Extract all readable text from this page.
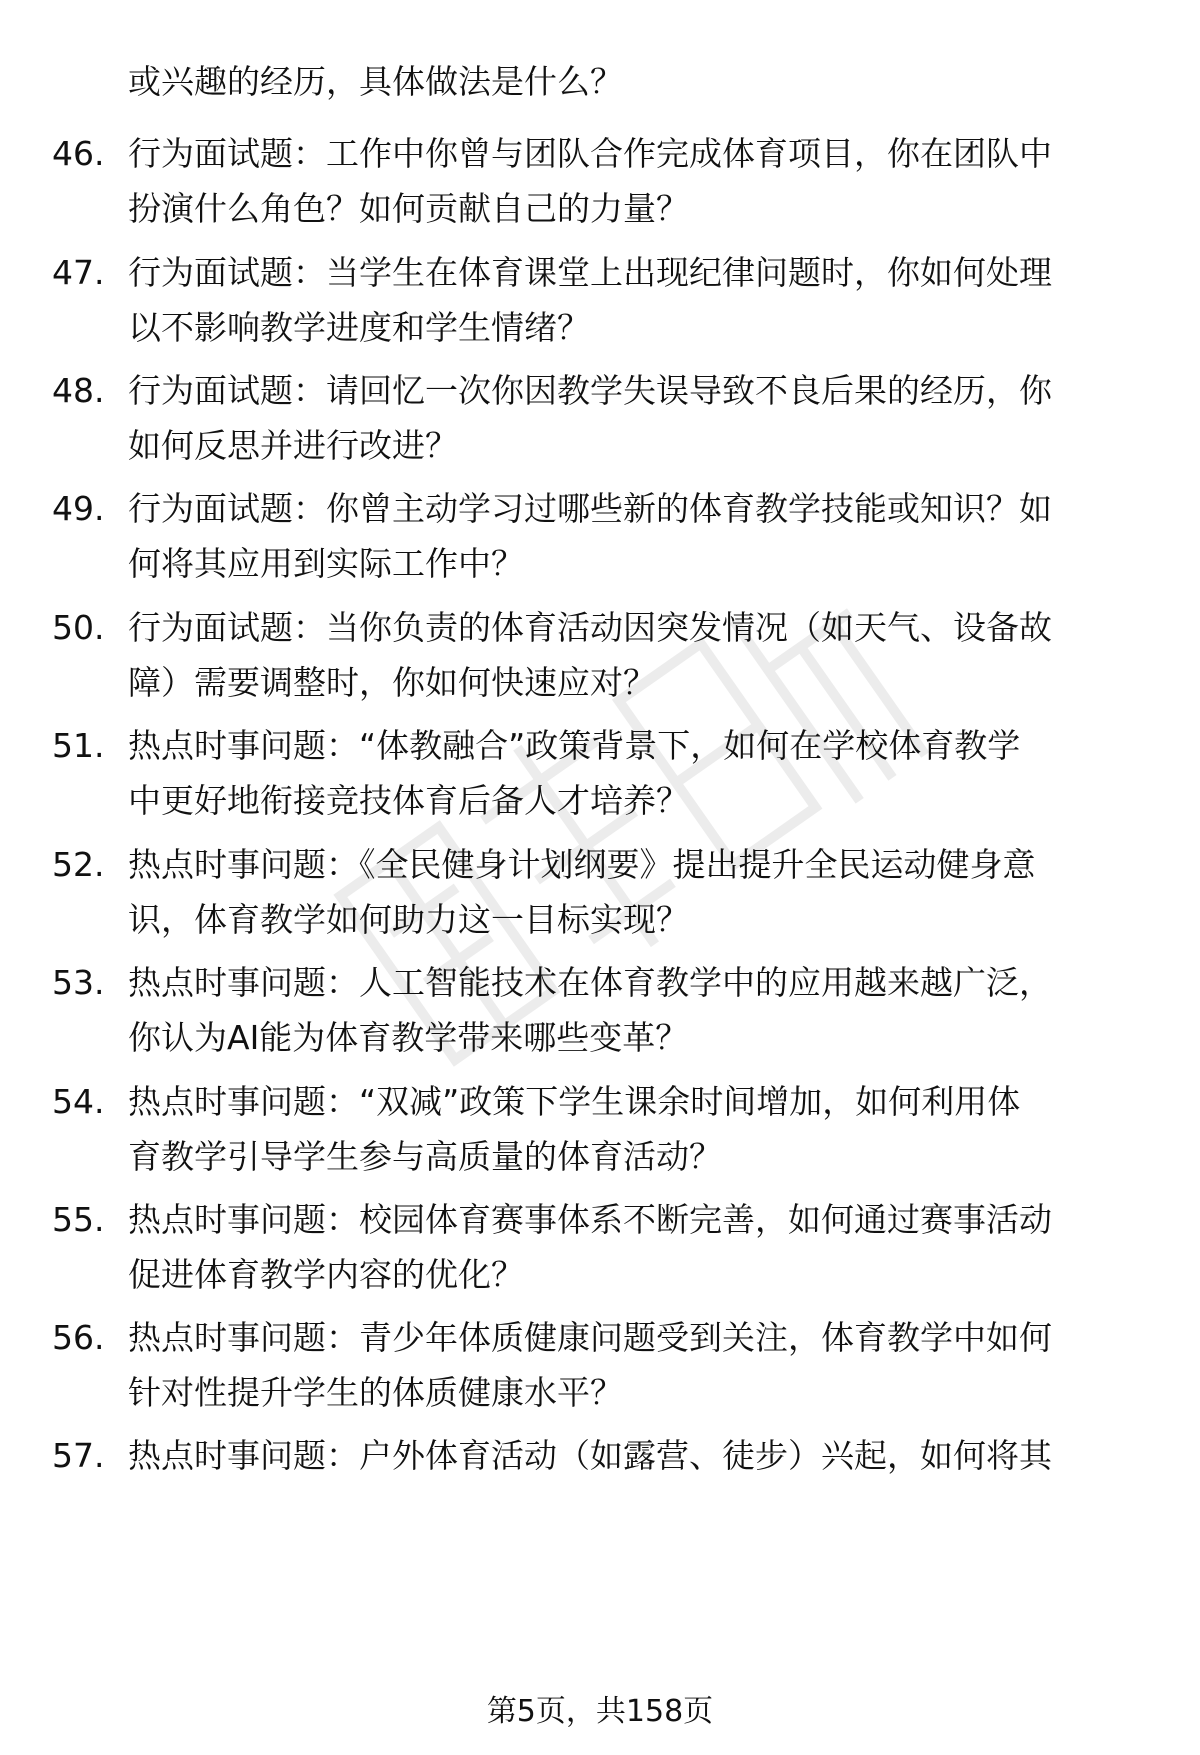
或兴趣的经历，具体做法是什么？
46. 行为面试题：工作中你曾与团队合作完成体育项目，你在团队中
扮演什么角色？如何贡献自己的力量？
47. 行为面试题：当学生在体育课堂上出现纪律问题时，你如何处理
以不影响教学进度和学生情绪？
48. 行为面试题：请回忆一次你因教学失误导致不良后果的经历，你
如何反思并进行改进？
49. 行为面试题：你曾主动学习过哪些新的体育教学技能或知识？如
何将其应用到实际工作中？
50. 行为面试题：当你负责的体育活动因突发情况（如天气、设备故
障）需要调整时，你如何快速应对？
51. 热点时事问题：“体教融合”政策背景下，如何在学校体育教学
中更好地衔接竞技体育后备人才培养？
52. 热点时事问题：《全民健身计划纲要》提出提升全民运动健身意
识，体育教学如何助力这一目标实现？
53. 热点时事问题：人工智能技术在体育教学中的应用越来越广泛，
你认为AI能为体育教学带来哪些变革？
54. 热点时事问题：“双减”政策下学生课余时间增加，如何利用体
育教学引导学生参与高质量的体育活动？
55. 热点时事问题：校园体育赛事体系不断完善，如何通过赛事活动
促进体育教学内容的优化？
56. 热点时事问题：青少年体质健康问题受到关注，体育教学中如何
针对性提升学生的体质健康水平？
57. 热点时事问题：户外体育活动（如露营、徒步）兴起，如何将其
第5页，共158页
